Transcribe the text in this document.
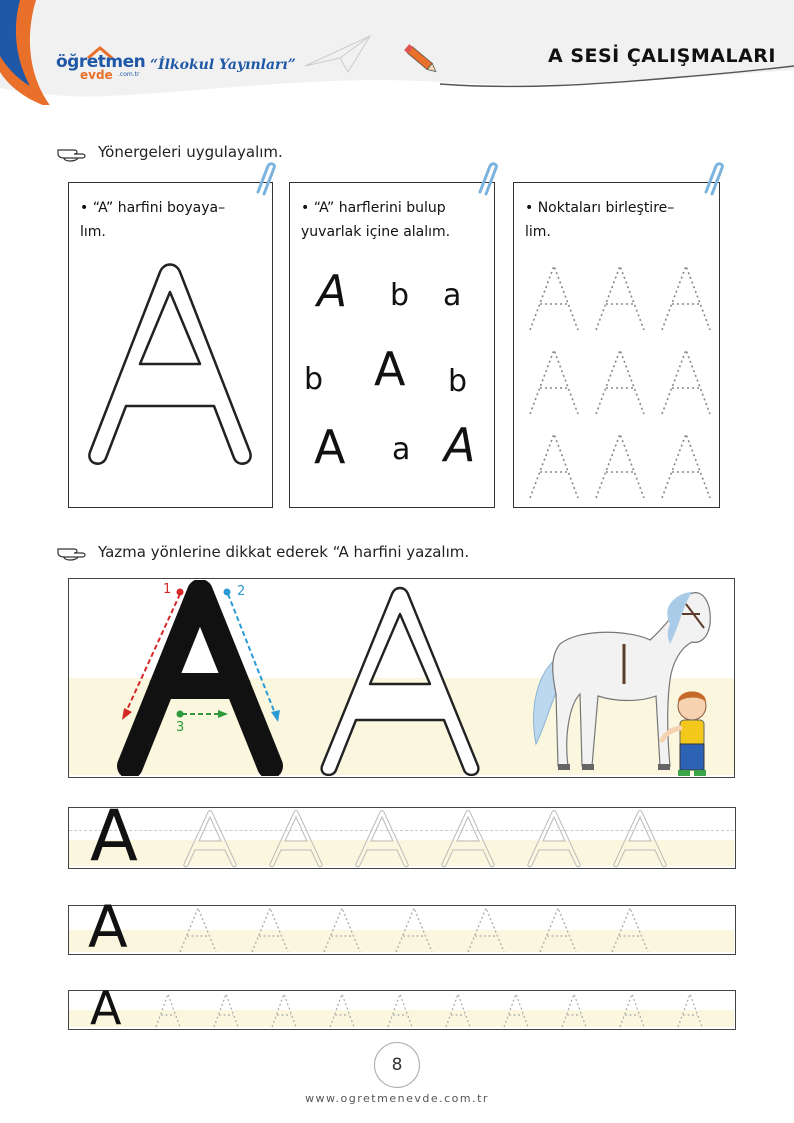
öğretmen
evde .com.tr
“İlkokul Yayınları”	A SESİ ÇALIŞMALARI
Yönergeleri uygulayalım.
• “A” harfini boyaya–
lım.
• “A” harflerini bulup
yuvarlak içine alalım.
A b a
b A b
A a A
• Noktaları birleştire–
lim.
Yazma yönlerine dikkat ederek “A harfini yazalım.
1	2
3
A
A
A
8
www.ogretmenevde.com.tr
